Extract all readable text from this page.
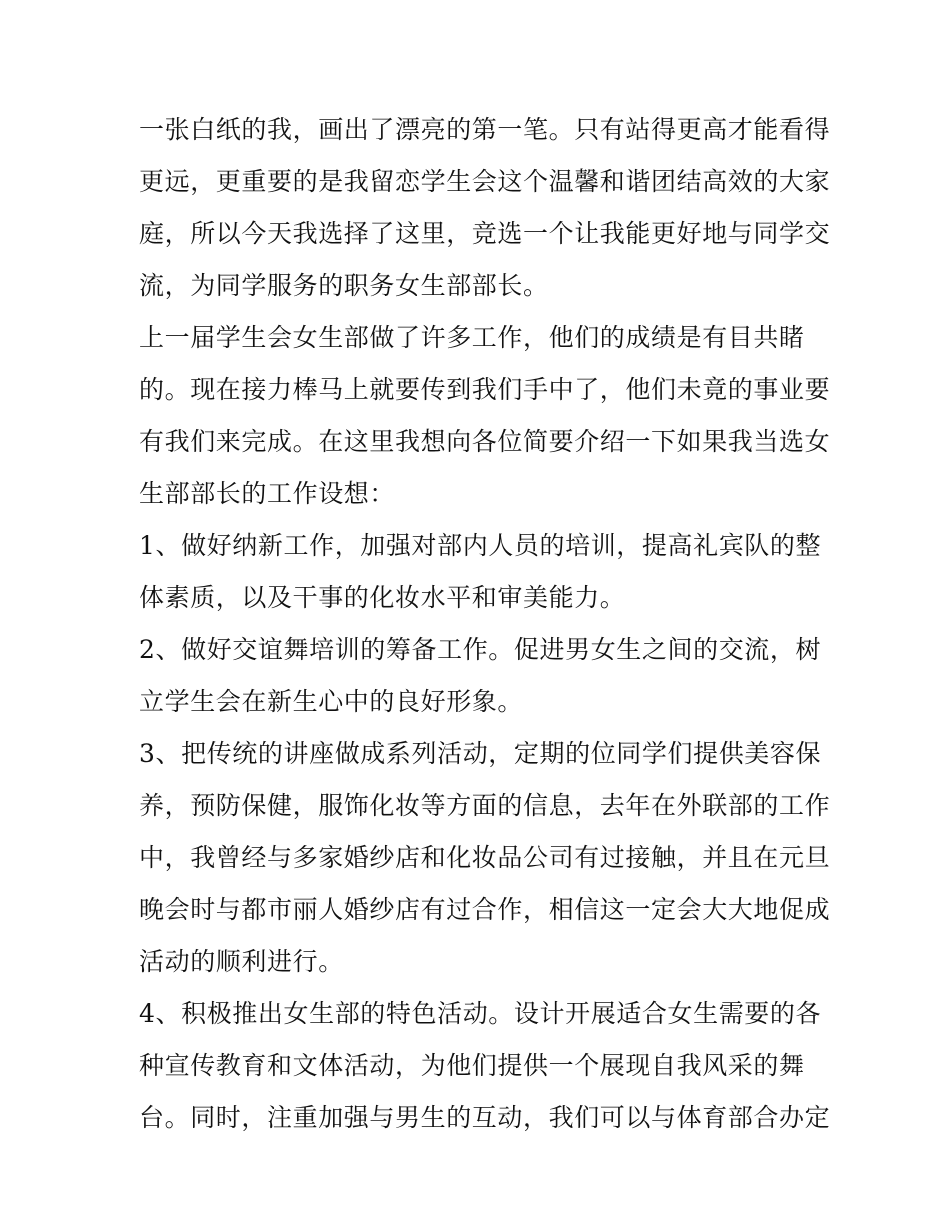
一张白纸的我，画出了漂亮的第一笔。只有站得更高才能看得
更远，更重要的是我留恋学生会这个温馨和谐团结高效的大家
庭，所以今天我选择了这里，竞选一个让我能更好地与同学交
流，为同学服务的职务女生部部长。
上一届学生会女生部做了许多工作，他们的成绩是有目共睹
的。现在接力棒马上就要传到我们手中了，他们未竟的事业要
有我们来完成。在这里我想向各位简要介绍一下如果我当选女
生部部长的工作设想：
1、做好纳新工作，加强对部内人员的培训，提高礼宾队的整
体素质，以及干事的化妆水平和审美能力。
2、做好交谊舞培训的筹备工作。促进男女生之间的交流，树
立学生会在新生心中的良好形象。
3、把传统的讲座做成系列活动，定期的位同学们提供美容保
养，预防保健，服饰化妆等方面的信息，去年在外联部的工作
中，我曾经与多家婚纱店和化妆品公司有过接触，并且在元旦
晚会时与都市丽人婚纱店有过合作，相信这一定会大大地促成
活动的顺利进行。
4、积极推出女生部的特色活动。设计开展适合女生需要的各
种宣传教育和文体活动，为他们提供一个展现自我风采的舞
台。同时，注重加强与男生的互动，我们可以与体育部合办定
